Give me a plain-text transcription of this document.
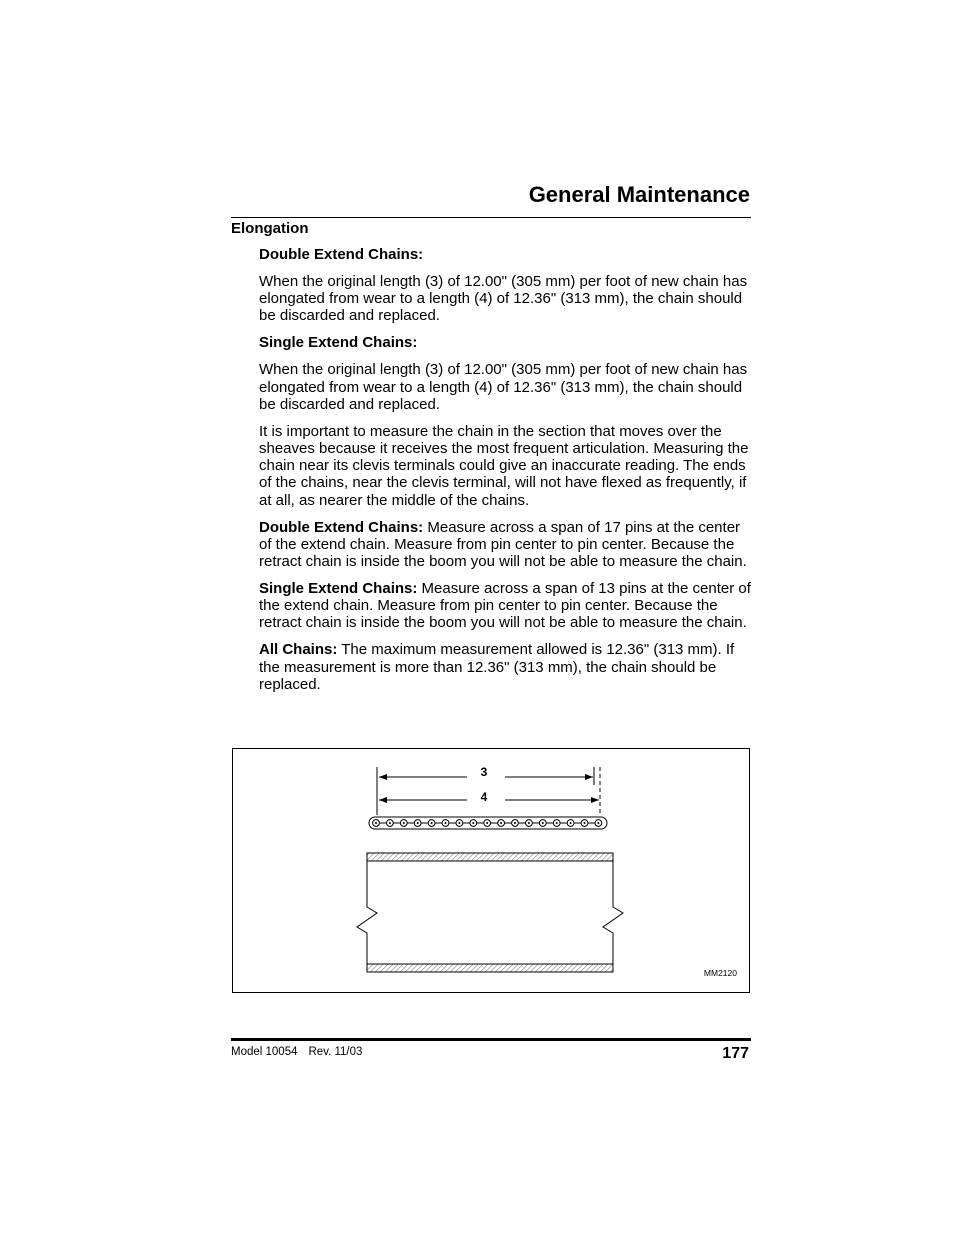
General Maintenance
Elongation

Double Extend Chains:

When the original length (3) of 12.00" (305 mm) per foot of new chain has elongated from wear to a length (4) of 12.36" (313 mm), the chain should be discarded and replaced.

Single Extend Chains:

When the original length (3) of 12.00" (305 mm) per foot of new chain has elongated from wear to a length (4) of 12.36" (313 mm), the chain should be discarded and replaced.

It is important to measure the chain in the section that moves over the sheaves because it receives the most frequent articulation. Measuring the chain near its clevis terminals could give an inaccurate reading. The ends of the chains, near the clevis terminal, will not have flexed as frequently, if at all, as nearer the middle of the chains.

Double Extend Chains: Measure across a span of 17 pins at the center of the extend chain. Measure from pin center to pin center. Because the retract chain is inside the boom you will not be able to measure the chain.

Single Extend Chains: Measure across a span of 13 pins at the center of the extend chain. Measure from pin center to pin center. Because the retract chain is inside the boom you will not be able to measure the chain.

All Chains: The maximum measurement allowed is 12.36" (313 mm). If the measurement is more than 12.36" (313 mm), the chain should be replaced.

3
4
MM2120
Model 10054 Rev. 11/03	177
